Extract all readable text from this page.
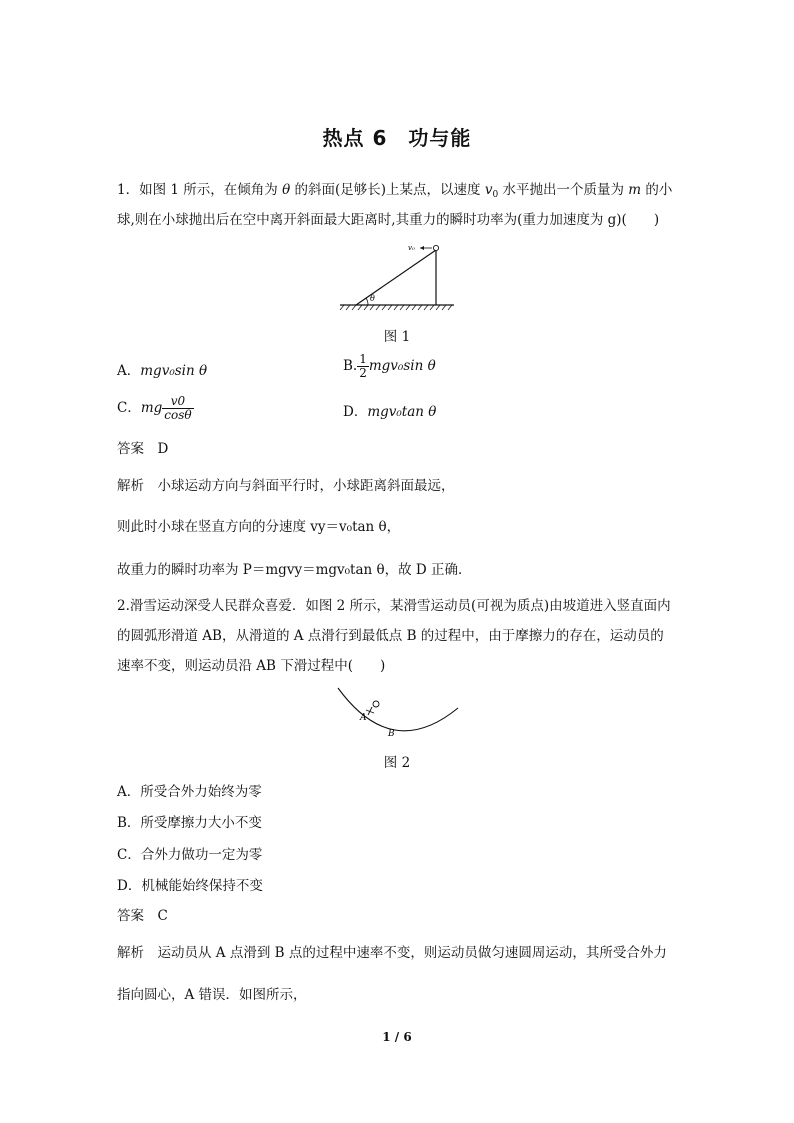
热点 6　功与能
1．如图 1 所示，在倾角为 θ 的斜面(足够长)上某点，以速度 $v_0$ 水平抛出一个质量为 m 的小
球,则在小球抛出后在空中离开斜面最大距离时,其重力的瞬时功率为(重力加速度为 g)(　　)
θ
v₀
图 1
A．mgv₀sin θ	B. $\frac{1}{2} mgv_0\sin$ θ
C．mg $\frac{v0}{\cos\theta}$	D．mgv₀tan θ
答案　 D
解析　 小球运动方向与斜面平行时，小球距离斜面最远，
则此时小球在竖直方向的分速度 vy＝v₀tan θ，
故重力的瞬时功率为 P＝mgvy＝mgv₀tan θ，故 D 正确．
2.滑雪运动深受人民群众喜爱．如图 2 所示，某滑雪运动员(可视为质点)由坡道进入竖直面内
的圆弧形滑道 AB，从滑道的 A 点滑行到最低点 B 的过程中，由于摩擦力的存在，运动员的
速率不变，则运动员沿 AB 下滑过程中(　　)
A
B
图 2
A．所受合外力始终为零
B．所受摩擦力大小不变
C．合外力做功一定为零
D．机械能始终保持不变
答案　 C
解析　 运动员从 A 点滑到 B 点的过程中速率不变，则运动员做匀速圆周运动，其所受合外力
指向圆心，A 错误．如图所示，
1 / 6
